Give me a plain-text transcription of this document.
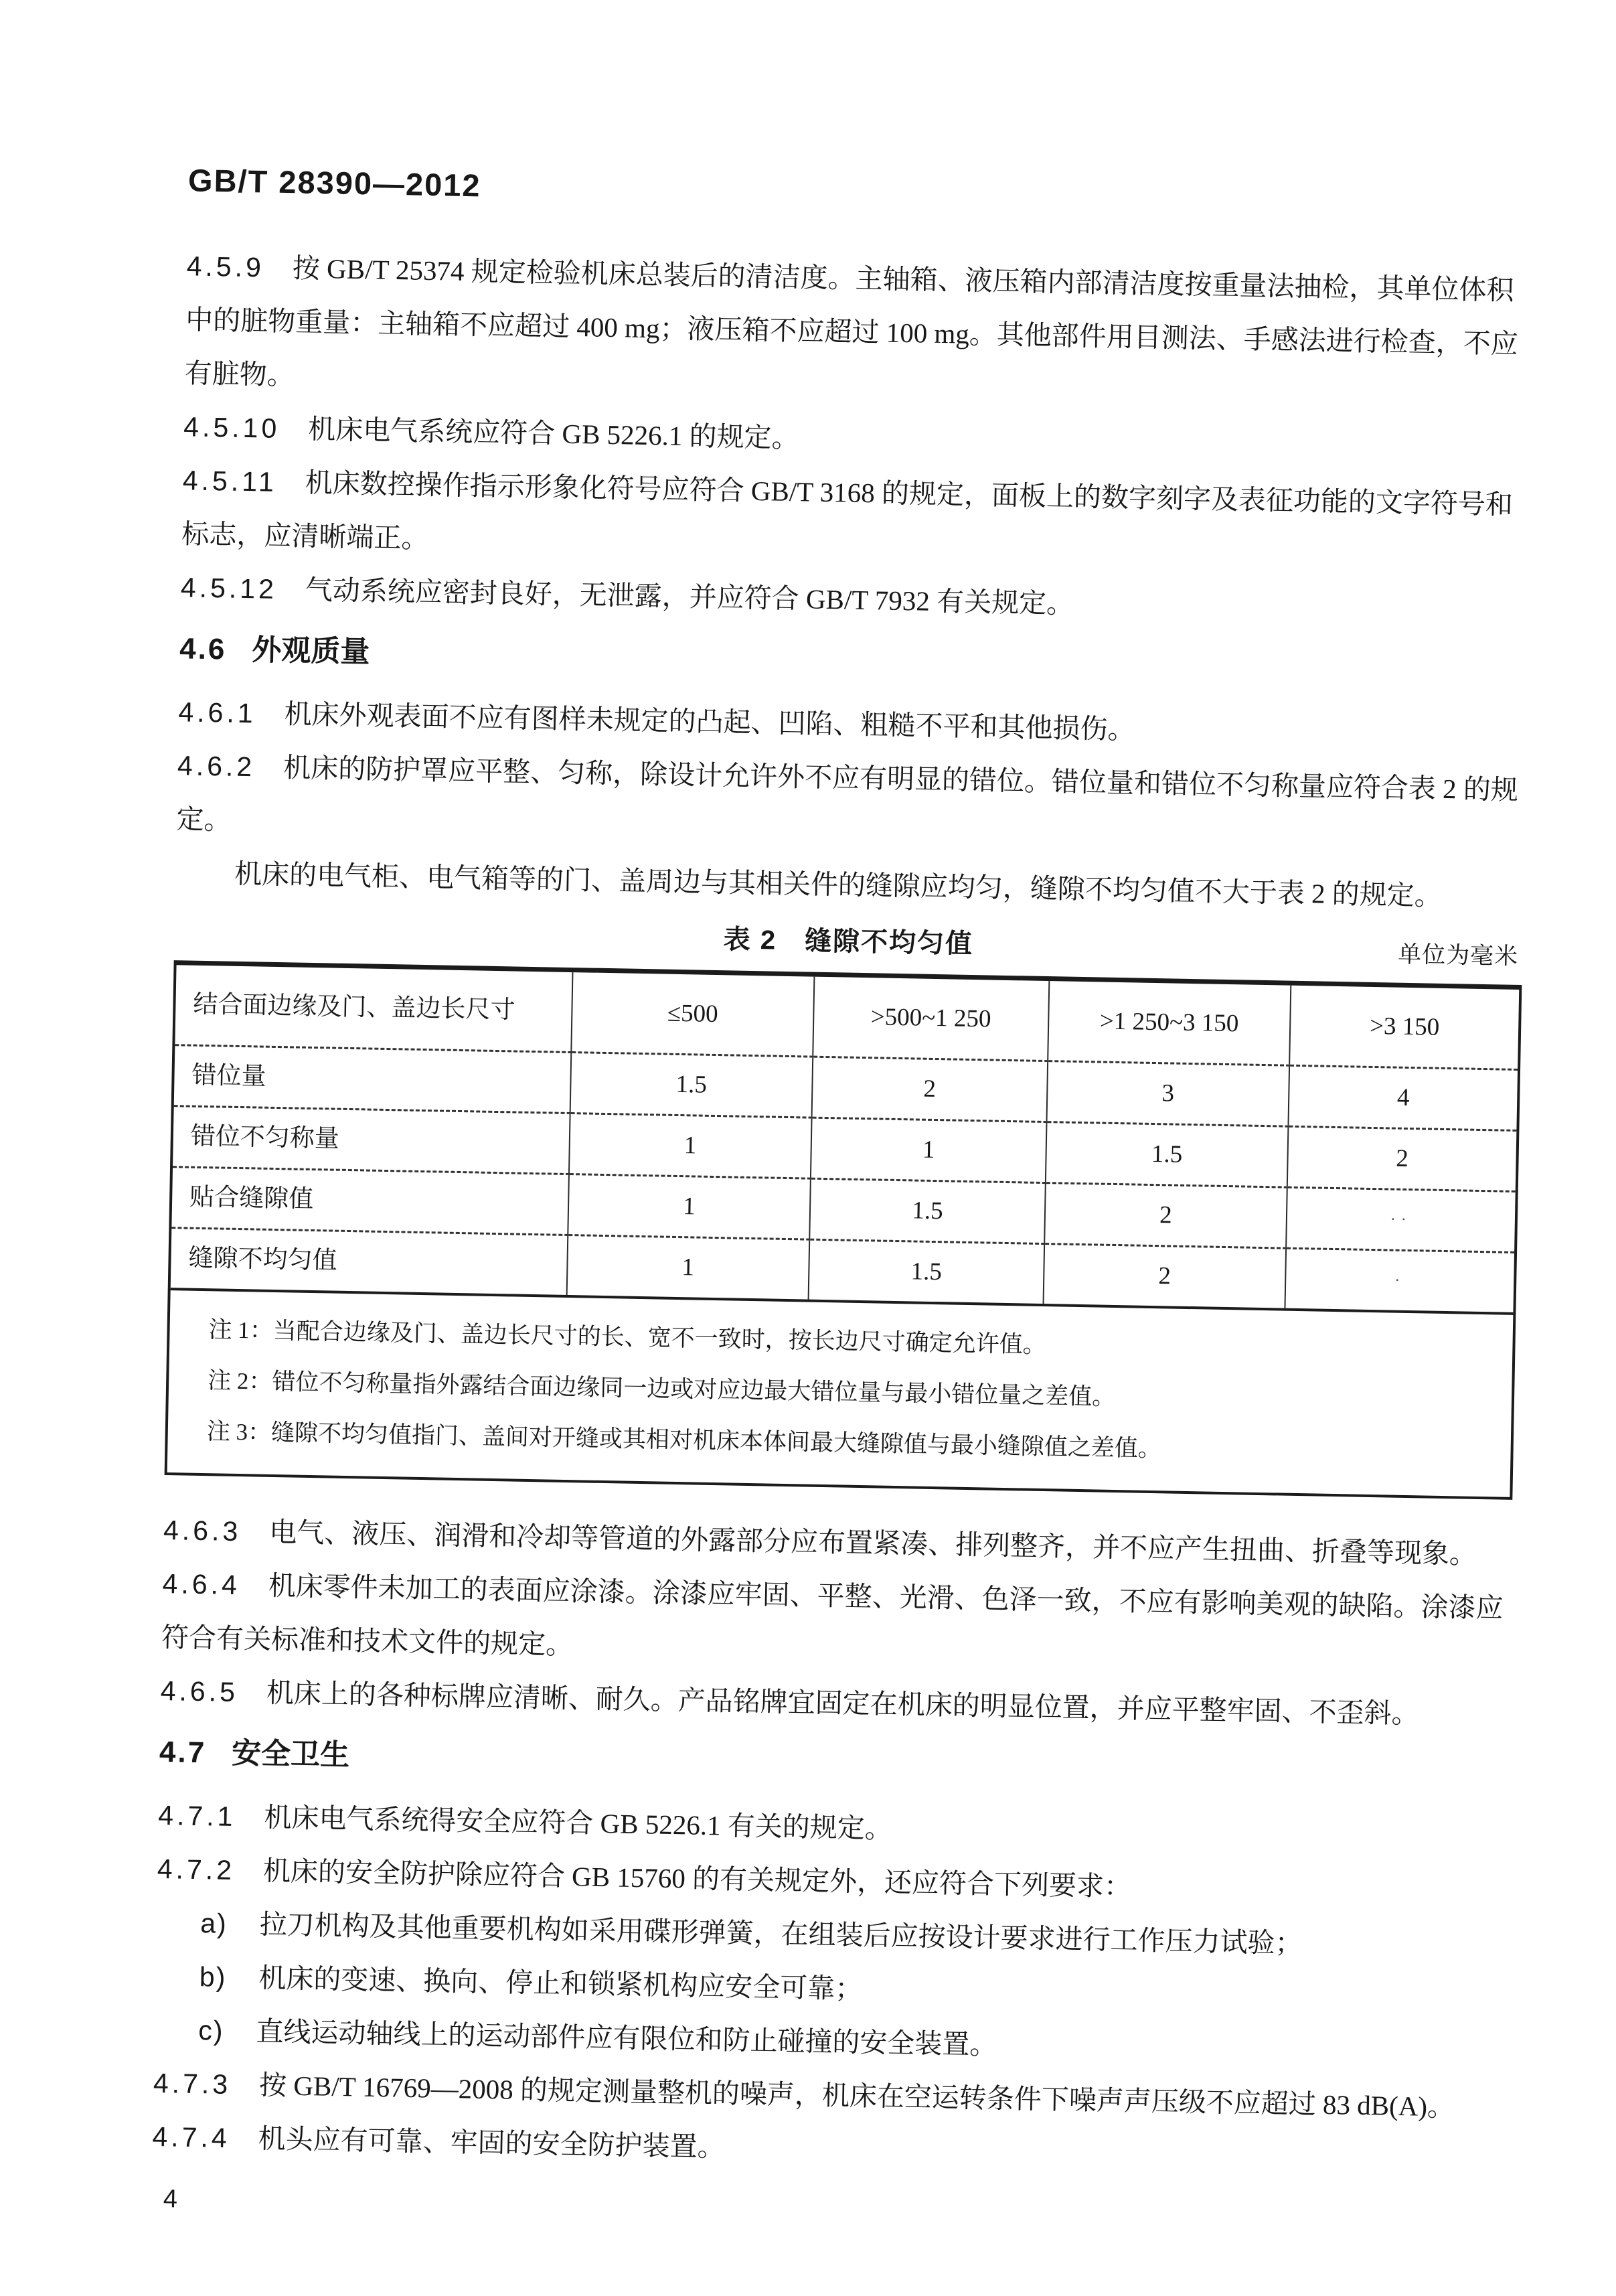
GB/T 28390—2012

4.5.9 按 GB/T 25374 规定检验机床总装后的清洁度。主轴箱、液压箱内部清洁度按重量法抽检，其单位体积中的脏物重量：主轴箱不应超过 400 mg；液压箱不应超过 100 mg。其他部件用目测法、手感法进行检查，不应有脏物。

4.5.10 机床电气系统应符合 GB 5226.1 的规定。

4.5.11 机床数控操作指示形象化符号应符合 GB/T 3168 的规定，面板上的数字刻字及表征功能的文字符号和标志，应清晰端正。

4.5.12 气动系统应密封良好，无泄露，并应符合 GB/T 7932 有关规定。

4.6 外观质量

4.6.1 机床外观表面不应有图样未规定的凸起、凹陷、粗糙不平和其他损伤。

4.6.2 机床的防护罩应平整、匀称，除设计允许外不应有明显的错位。错位量和错位不匀称量应符合表 2 的规定。

机床的电气柜、电气箱等的门、盖周边与其相关件的缝隙应均匀，缝隙不均匀值不大于表 2 的规定。

表 2　缝隙不均匀值	单位为毫米
结合面边缘及门、盖边长尺寸	≤500	>500~1 250	>1 250~3 150	>3 150
错位量	1.5	2	3	4
错位不匀称量	1	1	1.5	2
贴合缝隙值	1	1.5	2	··
缝隙不均匀值	1	1.5	2	·

注 1：当配合边缘及门、盖边长尺寸的长、宽不一致时，按长边尺寸确定允许值。

注 2：错位不匀称量指外露结合面边缘同一边或对应边最大错位量与最小错位量之差值。

注 3：缝隙不均匀值指门、盖间对开缝或其相对机床本体间最大缝隙值与最小缝隙值之差值。

4.6.3 电气、液压、润滑和冷却等管道的外露部分应布置紧凑、排列整齐，并不应产生扭曲、折叠等现象。

4.6.4 机床零件未加工的表面应涂漆。涂漆应牢固、平整、光滑、色泽一致，不应有影响美观的缺陷。涂漆应符合有关标准和技术文件的规定。

4.6.5 机床上的各种标牌应清晰、耐久。产品铭牌宜固定在机床的明显位置，并应平整牢固、不歪斜。

4.7 安全卫生

4.7.1 机床电气系统得安全应符合 GB 5226.1 有关的规定。

4.7.2 机床的安全防护除应符合 GB 15760 的有关规定外，还应符合下列要求：

a) 拉刀机构及其他重要机构如采用碟形弹簧，在组装后应按设计要求进行工作压力试验；

b) 机床的变速、换向、停止和锁紧机构应安全可靠；

c) 直线运动轴线上的运动部件应有限位和防止碰撞的安全装置。

4.7.3 按 GB/T 16769—2008 的规定测量整机的噪声，机床在空运转条件下噪声声压级不应超过 83 dB(A)。

4.7.4 机头应有可靠、牢固的安全防护装置。

4
